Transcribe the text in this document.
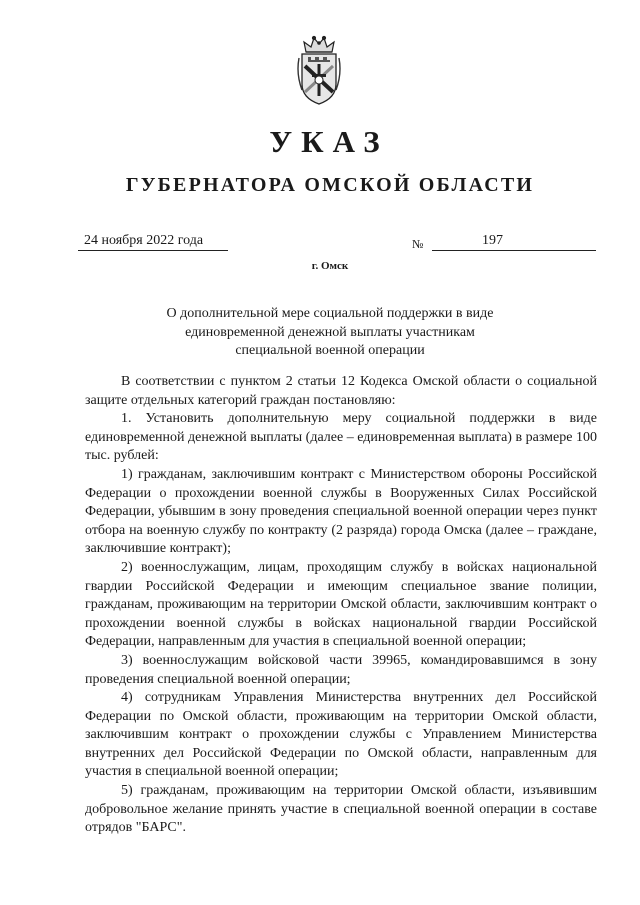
УКАЗ
ГУБЕРНАТОРА ОМСКОЙ ОБЛАСТИ
24 ноября 2022 года	№	197
г. Омск
О дополнительной мере социальной поддержки в виде
единовременной денежной выплаты участникам
специальной военной операции

В соответствии с пунктом 2 статьи 12 Кодекса Омской области о социальной защите отдельных категорий граждан постановляю:

1. Установить дополнительную меру социальной поддержки в виде единовременной денежной выплаты (далее – единовременная выплата) в размере 100 тыс. рублей:

1) гражданам, заключившим контракт с Министерством обороны Российской Федерации о прохождении военной службы в Вооруженных Силах Российской Федерации, убывшим в зону проведения специальной военной операции через пункт отбора на военную службу по контракту (2 разряда) города Омска (далее – граждане, заключившие контракт);

2) военнослужащим, лицам, проходящим службу в войсках национальной гвардии Российской Федерации и имеющим специальное звание полиции, гражданам, проживающим на территории Омской области, заключившим контракт о прохождении военной службы в войсках национальной гвардии Российской Федерации, направленным для участия в специальной военной операции;

3) военнослужащим войсковой части 39965, командировавшимся в зону проведения специальной военной операции;

4) сотрудникам Управления Министерства внутренних дел Российской Федерации по Омской области, проживающим на территории Омской области, заключившим контракт о прохождении службы с Управлением Министерства внутренних дел Российской Федерации по Омской области, направленным для участия в специальной военной операции;

5) гражданам, проживающим на территории Омской области, изъявившим добровольное желание принять участие в специальной военной операции в составе отрядов "БАРС".
